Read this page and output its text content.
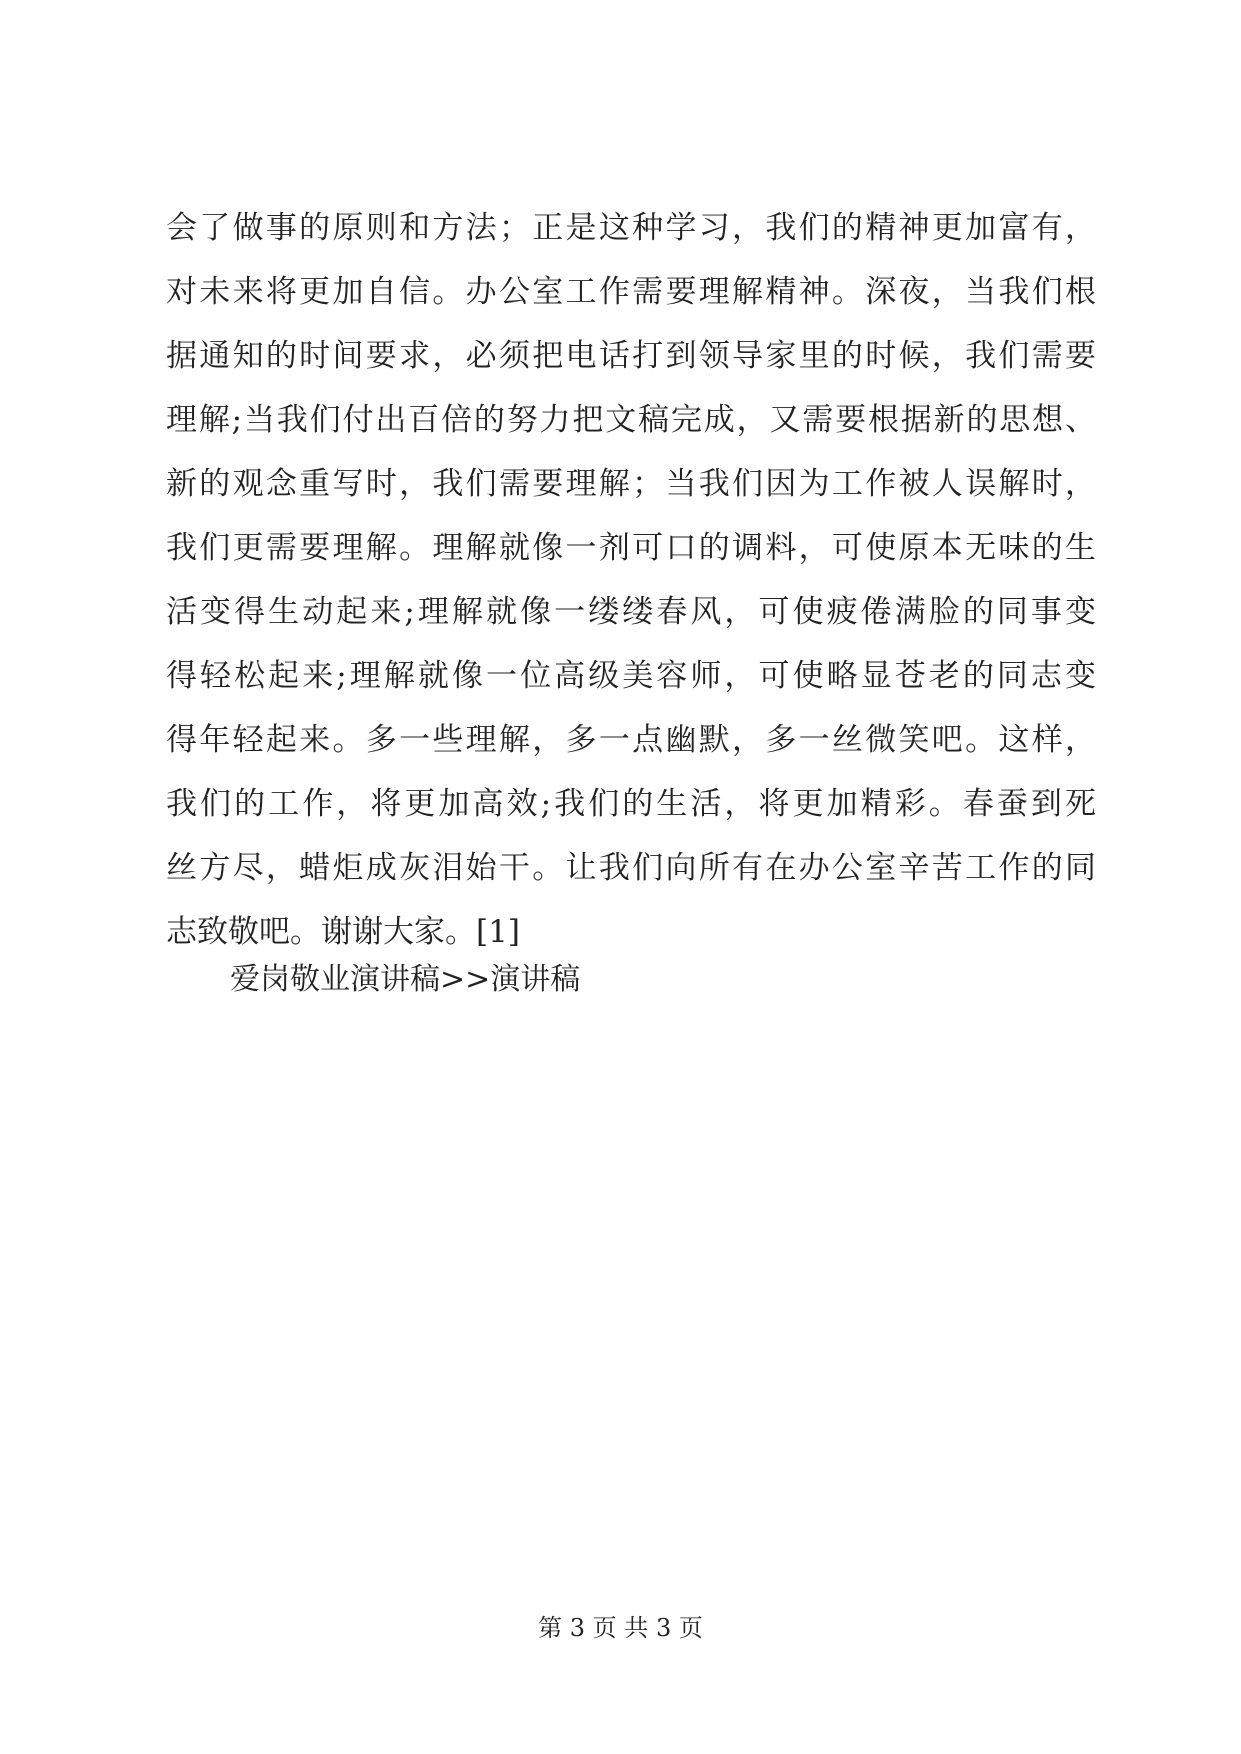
会了做事的原则和方法；正是这种学习，我们的精神更加富有，
对未来将更加自信。办公室工作需要理解精神。深夜，当我们根
据通知的时间要求，必须把电话打到领导家里的时候，我们需要
理解;当我们付出百倍的努力把文稿完成，又需要根据新的思想、
新的观念重写时，我们需要理解；当我们因为工作被人误解时，
我们更需要理解。理解就像一剂可口的调料，可使原本无味的生
活变得生动起来;理解就像一缕缕春风，可使疲倦满脸的同事变
得轻松起来;理解就像一位高级美容师，可使略显苍老的同志变
得年轻起来。多一些理解，多一点幽默，多一丝微笑吧。这样，
我们的工作，将更加高效;我们的生活，将更加精彩。春蚕到死
丝方尽，蜡炬成灰泪始干。让我们向所有在办公室辛苦工作的同
志致敬吧。谢谢大家。[1]
爱岗敬业演讲稿>>演讲稿
第 3 页 共 3 页
